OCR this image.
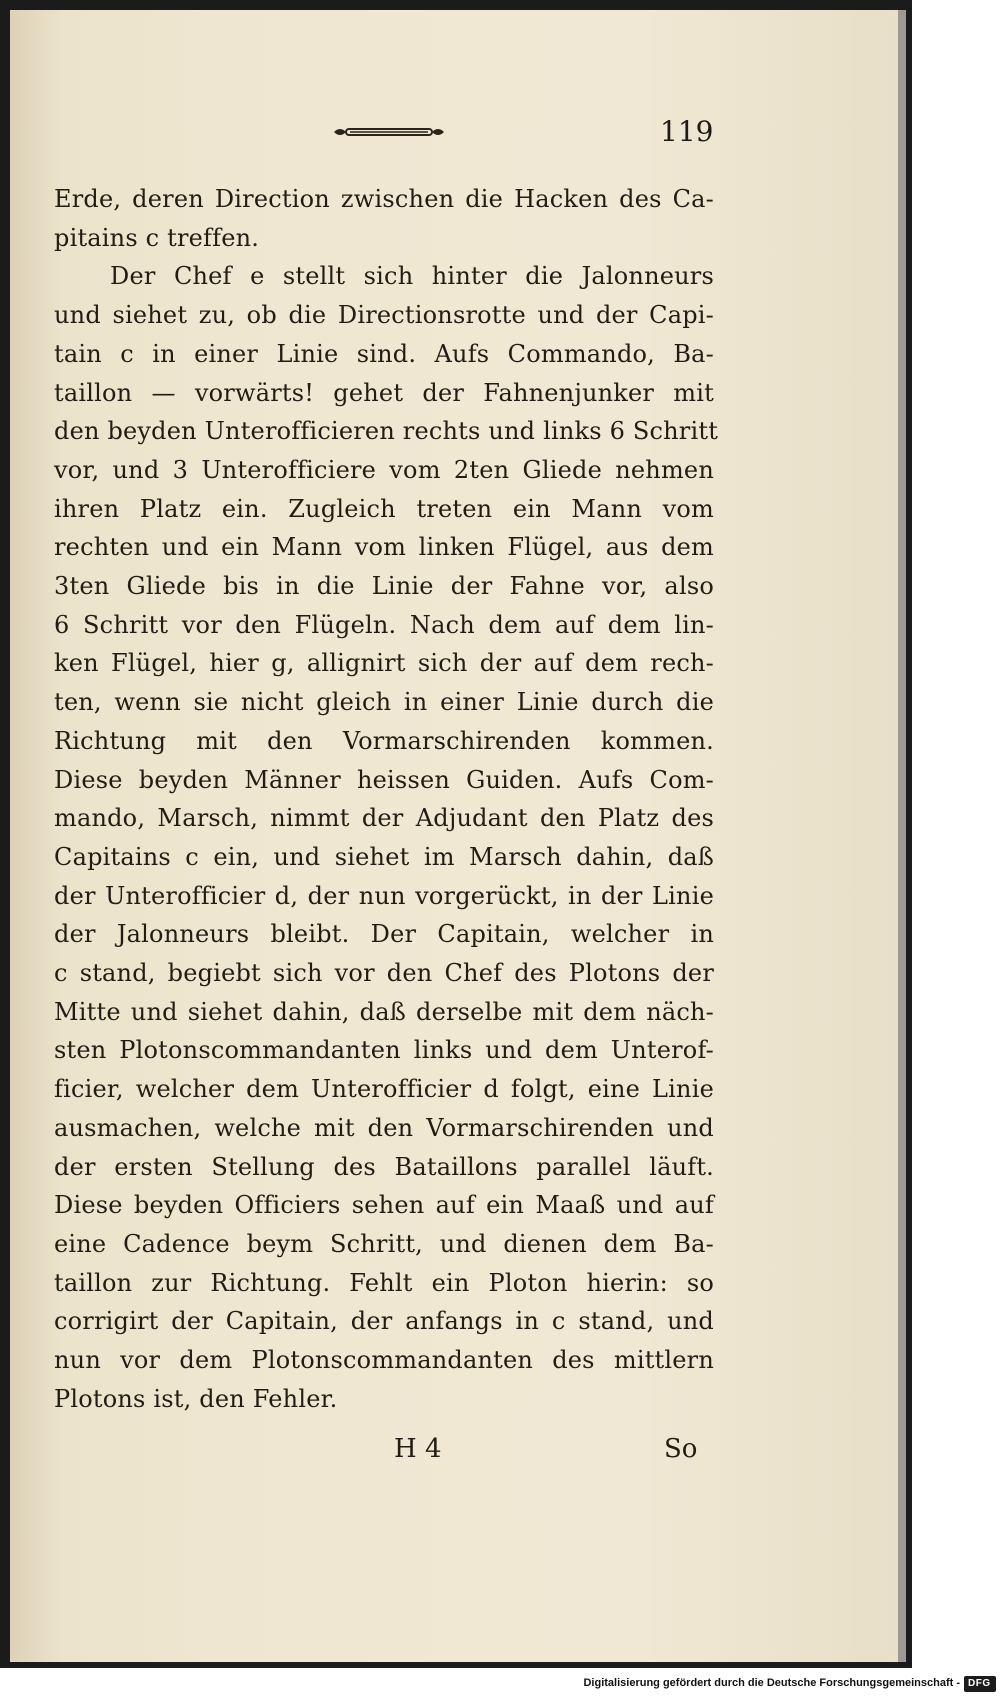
119
Erde, deren Direction zwischen die Hacken des Ca-
pitains c treffen.
Der Chef e stellt sich hinter die Jalonneurs
und siehet zu, ob die Directionsrotte und der Capi-
tain c in einer Linie sind. Aufs Commando, Ba-
taillon — vorwärts! gehet der Fahnenjunker mit
den beyden Unterofficieren rechts und links 6 Schritt
vor, und 3 Unterofficiere vom 2ten Gliede nehmen
ihren Platz ein. Zugleich treten ein Mann vom
rechten und ein Mann vom linken Flügel, aus dem
3ten Gliede bis in die Linie der Fahne vor, also
6 Schritt vor den Flügeln. Nach dem auf dem lin-
ken Flügel, hier g, allignirt sich der auf dem rech-
ten, wenn sie nicht gleich in einer Linie durch die
Richtung mit den Vormarschirenden kommen.
Diese beyden Männer heissen Guiden. Aufs Com-
mando, Marsch, nimmt der Adjudant den Platz des
Capitains c ein, und siehet im Marsch dahin, daß
der Unterofficier d, der nun vorgerückt, in der Linie
der Jalonneurs bleibt. Der Capitain, welcher in
c stand, begiebt sich vor den Chef des Plotons der
Mitte und siehet dahin, daß derselbe mit dem näch-
sten Plotonscommandanten links und dem Unterof-
ficier, welcher dem Unterofficier d folgt, eine Linie
ausmachen, welche mit den Vormarschirenden und
der ersten Stellung des Bataillons parallel läuft.
Diese beyden Officiers sehen auf ein Maaß und auf
eine Cadence beym Schritt, und dienen dem Ba-
taillon zur Richtung. Fehlt ein Ploton hierin: so
corrigirt der Capitain, der anfangs in c stand, und
nun vor dem Plotonscommandanten des mittlern
Plotons ist, den Fehler.
H 4	So
Digitalisierung gefördert durch die Deutsche Forschungsgemeinschaft - DFG
